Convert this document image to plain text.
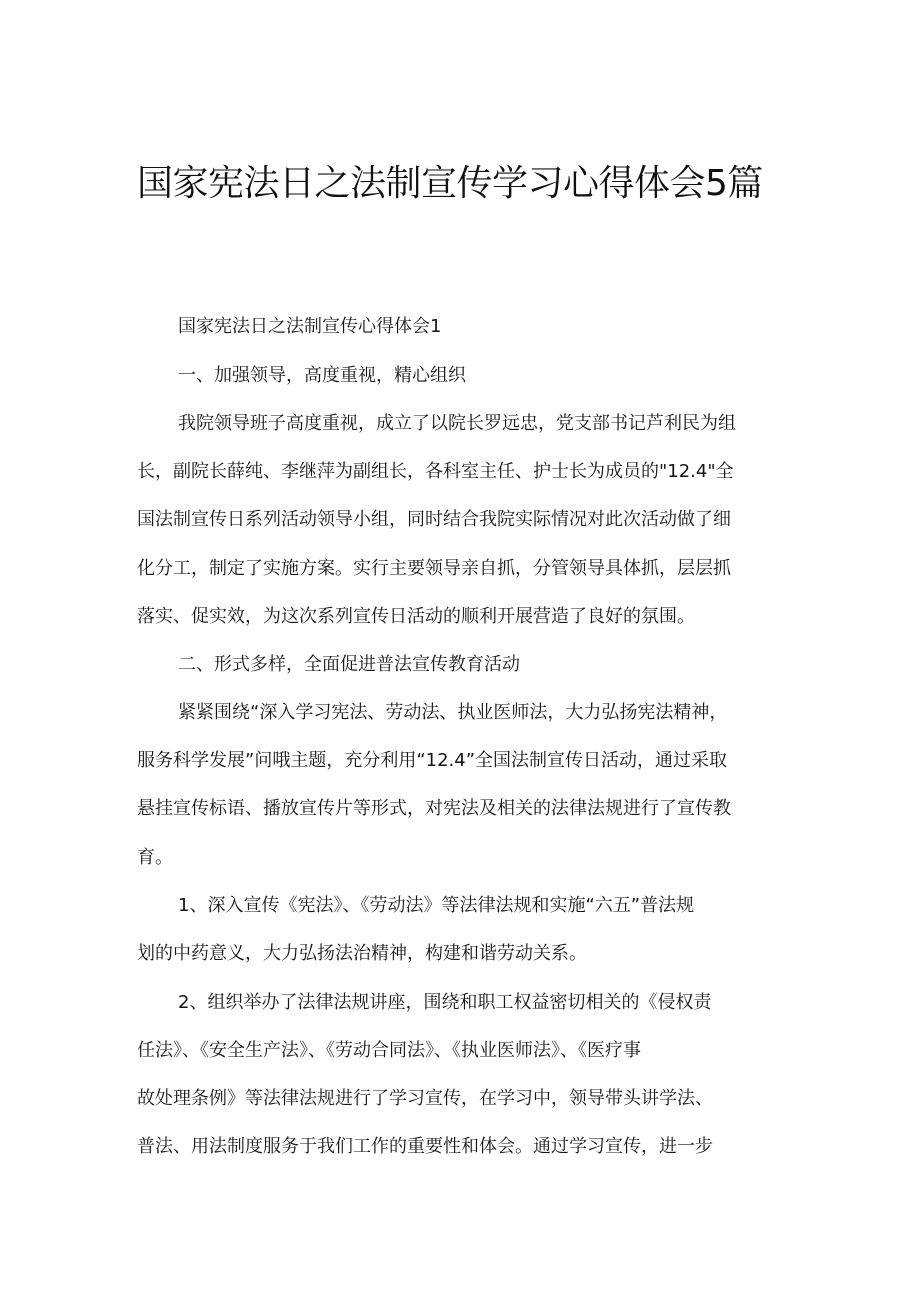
国家宪法日之法制宣传学习心得体会5篇
国家宪法日之法制宣传心得体会1
一、加强领导，高度重视，精心组织
我院领导班子高度重视，成立了以院长罗远忠，党支部书记芦利民为组
长，副院长薛纯、李继萍为副组长，各科室主任、护士长为成员的"12.4"全
国法制宣传日系列活动领导小组，同时结合我院实际情况对此次活动做了细
化分工，制定了实施方案。实行主要领导亲自抓，分管领导具体抓，层层抓
落实、促实效，为这次系列宣传日活动的顺利开展营造了良好的氛围。
二、形式多样，全面促进普法宣传教育活动
紧紧围绕“深入学习宪法、劳动法、执业医师法，大力弘扬宪法精神，
服务科学发展”问哦主题，充分利用“12.4”全国法制宣传日活动，通过采取
悬挂宣传标语、播放宣传片等形式，对宪法及相关的法律法规进行了宣传教
育。
1、深入宣传《宪法》、《劳动法》等法律法规和实施“六五”普法规
划的中药意义，大力弘扬法治精神，构建和谐劳动关系。
2、组织举办了法律法规讲座，围绕和职工权益密切相关的《侵权责
任法》、《安全生产法》、《劳动合同法》、《执业医师法》、《医疗事
故处理条例》等法律法规进行了学习宣传，在学习中，领导带头讲学法、
普法、用法制度服务于我们工作的重要性和体会。通过学习宣传，进一步
